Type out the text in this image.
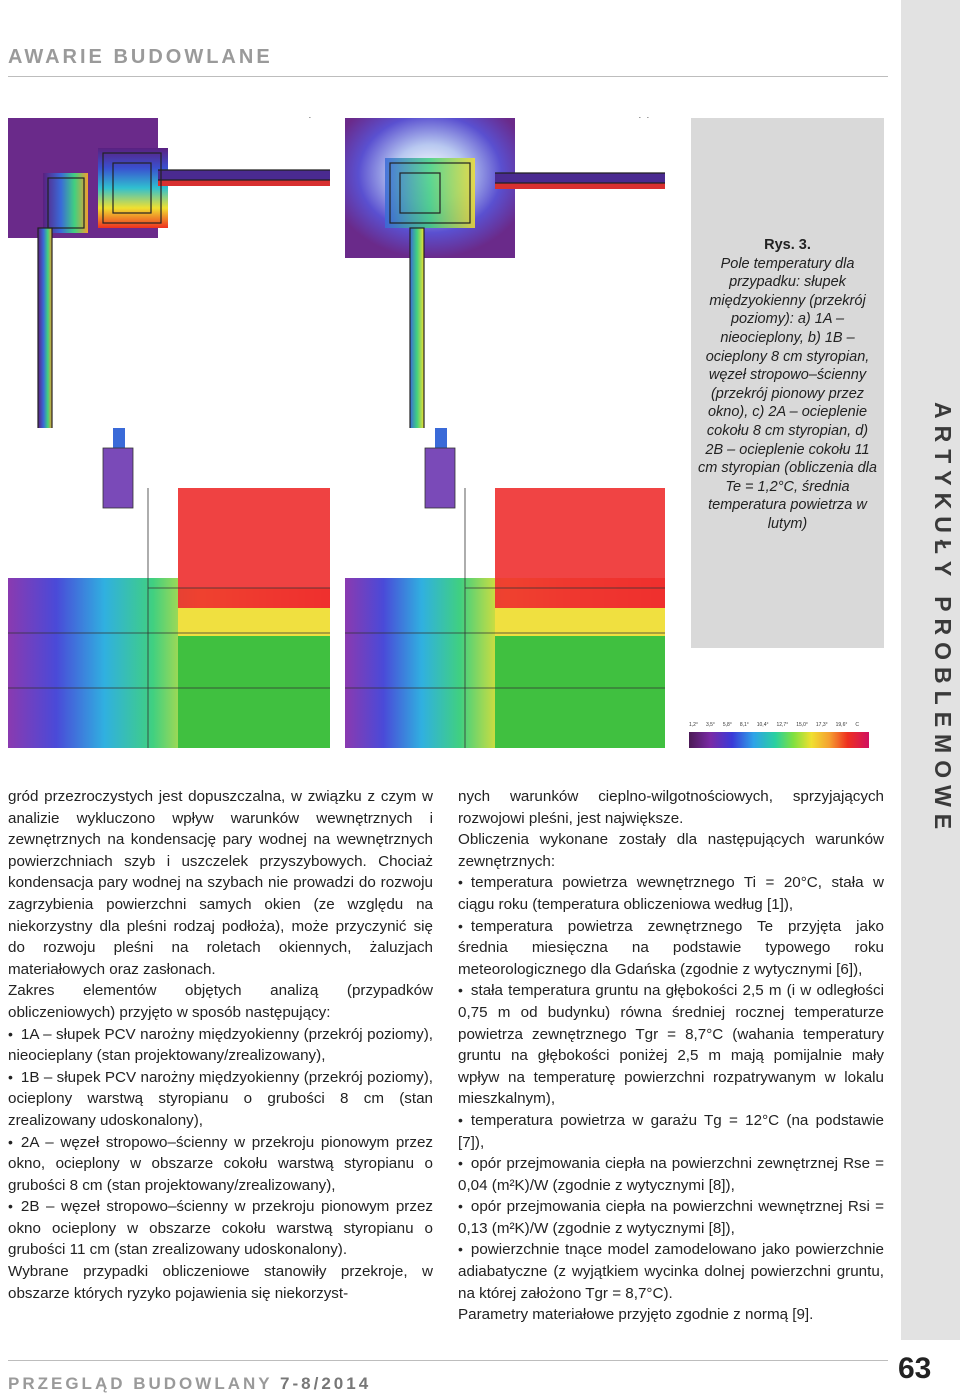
AWARIE BUDOWLANE
ARTYKUŁY PROBLEMOWE
Rys. 3.
Pole temperatury dla przypadku: słupek międzyokienny (przekrój poziomy): a) 1A – nieocieplony, b) 1B – ocieplony 8 cm styropian, węzeł stropowo–ścienny (przekrój pionowy przez okno), c) 2A – ocieplenie cokołu 8 cm styropian, d) 2B – ocieplenie cokołu 11 cm styropian (obliczenia dla Te = 1,2°C, średnia temperatura powietrza w lutym)
1,2° 3,5° 5,8° 8,1° 10,4° 12,7° 15,0° 17,3° 19,6° C

gród przezroczystych jest dopuszczalna, w związku z czym w analizie wykluczono wpływ warunków wewnętrznych i zewnętrznych na kondensację pary wodnej na wewnętrznych powierzchniach szyb i uszczelek przyszybowych. Chociaż kondensacja pary wodnej na szybach nie prowadzi do rozwoju zagrzybienia powierzchni samych okien (ze względu na niekorzystny dla pleśni rodzaj podłoża), może przyczynić się do rozwoju pleśni na roletach okiennych, żaluzjach materiałowych oraz zasłonach.

Zakres elementów objętych analizą (przypadków obliczeniowych) przyjęto w sposób następujący:

• 1A – słupek PCV narożny międzyokienny (przekrój poziomy), nieocieplany (stan projektowany/zrealizowany),

• 1B – słupek PCV narożny międzyokienny (przekrój poziomy), ocieplony warstwą styropianu o grubości 8 cm (stan zrealizowany udoskonalony),

• 2A – węzeł stropowo–ścienny w przekroju pionowym przez okno, ocieplony w obszarze cokołu warstwą styropianu o grubości 8 cm (stan projektowany/zrealizowany),

• 2B – węzeł stropowo–ścienny w przekroju pionowym przez okno ocieplony w obszarze cokołu warstwą styropianu o grubości 11 cm (stan zrealizowany udoskonalony).

Wybrane przypadki obliczeniowe stanowiły przekroje, w obszarze których ryzyko pojawienia się niekorzyst-

nych warunków cieplno-wilgotnościowych, sprzyjających rozwojowi pleśni, jest największe.

Obliczenia wykonane zostały dla następujących warunków zewnętrznych:

• temperatura powietrza wewnętrznego Ti = 20°C, stała w ciągu roku (temperatura obliczeniowa według [1]),

• temperatura powietrza zewnętrznego Te przyjęta jako średnia miesięczna na podstawie typowego roku meteorologicznego dla Gdańska (zgodnie z wytycznymi [6]),

• stała temperatura gruntu na głębokości 2,5 m (i w odległości 0,75 m od budynku) równa średniej rocznej temperaturze powietrza zewnętrznego Tgr = 8,7°C (wahania temperatury gruntu na głębokości poniżej 2,5 m mają pomijalnie mały wpływ na temperaturę powierzchni rozpatrywanym w lokalu mieszkalnym),

• temperatura powietrza w garażu Tg = 12°C (na podstawie [7]),

• opór przejmowania ciepła na powierzchni zewnętrznej Rse = 0,04 (m²K)/W (zgodnie z wytycznymi [8]),

• opór przejmowania ciepła na powierzchni wewnętrznej Rsi = 0,13 (m²K)/W (zgodnie z wytycznymi [8]),

• powierzchnie tnące model zamodelowano jako powierzchnie adiabatyczne (z wyjątkiem wycinka dolnej powierzchni gruntu, na której założono Tgr = 8,7°C).

Parametry materiałowe przyjęto zgodnie z normą [9].

PRZEGLĄD BUDOWLANY 7-8/2014	63
